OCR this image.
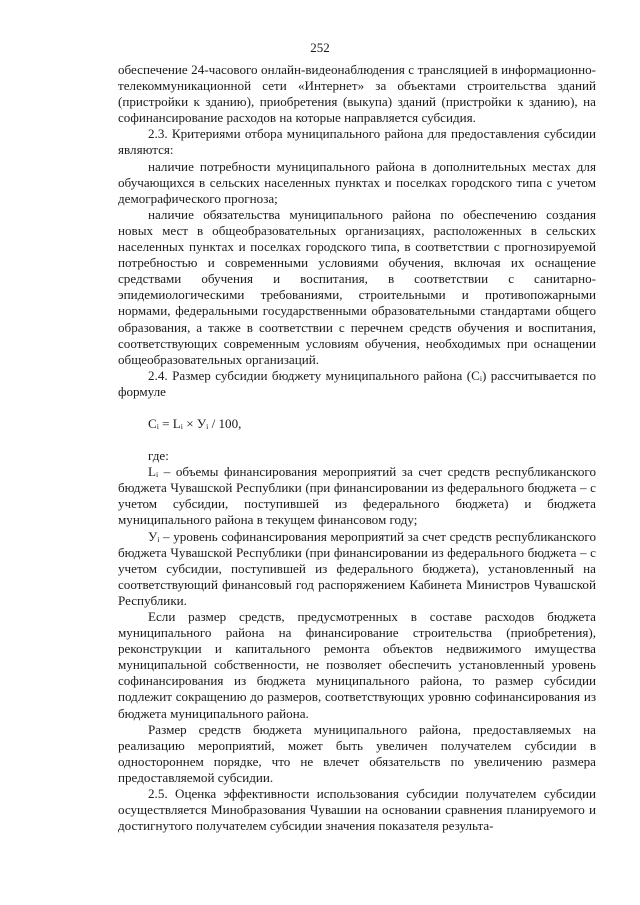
252

обеспечение 24-часового онлайн-видеонаблюдения с трансляцией в информационно-телекоммуникационной сети «Интернет» за объектами строительства зданий (пристройки к зданию), приобретения (выкупа) зданий (пристройки к зданию), на софинансирование расходов на которые направляется субсидия.

2.3. Критериями отбора муниципального района для предоставления субсидии являются:

наличие потребности муниципального района в дополнительных местах для обучающихся в сельских населенных пунктах и поселках городского типа с учетом демографического прогноза;

наличие обязательства муниципального района по обеспечению создания новых мест в общеобразовательных организациях, расположенных в сельских населенных пунктах и поселках городского типа, в соответствии с прогнозируемой потребностью и современными условиями обучения, включая их оснащение средствами обучения и воспитания, в соответствии с санитарно-эпидемиологическими требованиями, строительными и противопожарными нормами, федеральными государственными образовательными стандартами общего образования, а также в соответствии с перечнем средств обучения и воспитания, соответствующих современным условиям обучения, необходимых при оснащении общеобразовательных организаций.

2.4. Размер субсидии бюджету муниципального района (Cᵢ) рассчитывается по формуле

Cᵢ = Lᵢ × Уᵢ / 100,

где:

Lᵢ – объемы финансирования мероприятий за счет средств республиканского бюджета Чувашской Республики (при финансировании из федерального бюджета – с учетом субсидии, поступившей из федерального бюджета) и бюджета муниципального района в текущем финансовом году;

Уᵢ – уровень софинансирования мероприятий за счет средств республиканского бюджета Чувашской Республики (при финансировании из федерального бюджета – с учетом субсидии, поступившей из федерального бюджета), установленный на соответствующий финансовый год распоряжением Кабинета Министров Чувашской Республики.

Если размер средств, предусмотренных в составе расходов бюджета муниципального района на финансирование строительства (приобретения), реконструкции и капитального ремонта объектов недвижимого имущества муниципальной собственности, не позволяет обеспечить установленный уровень софинансирования из бюджета муниципального района, то размер субсидии подлежит сокращению до размеров, соответствующих уровню софинансирования из бюджета муниципального района.

Размер средств бюджета муниципального района, предоставляемых на реализацию мероприятий, может быть увеличен получателем субсидии в одностороннем порядке, что не влечет обязательств по увеличению размера предоставляемой субсидии.

2.5. Оценка эффективности использования субсидии получателем субсидии осуществляется Минобразования Чувашии на основании сравнения планируемого и достигнутого получателем субсидии значения показателя результа-
